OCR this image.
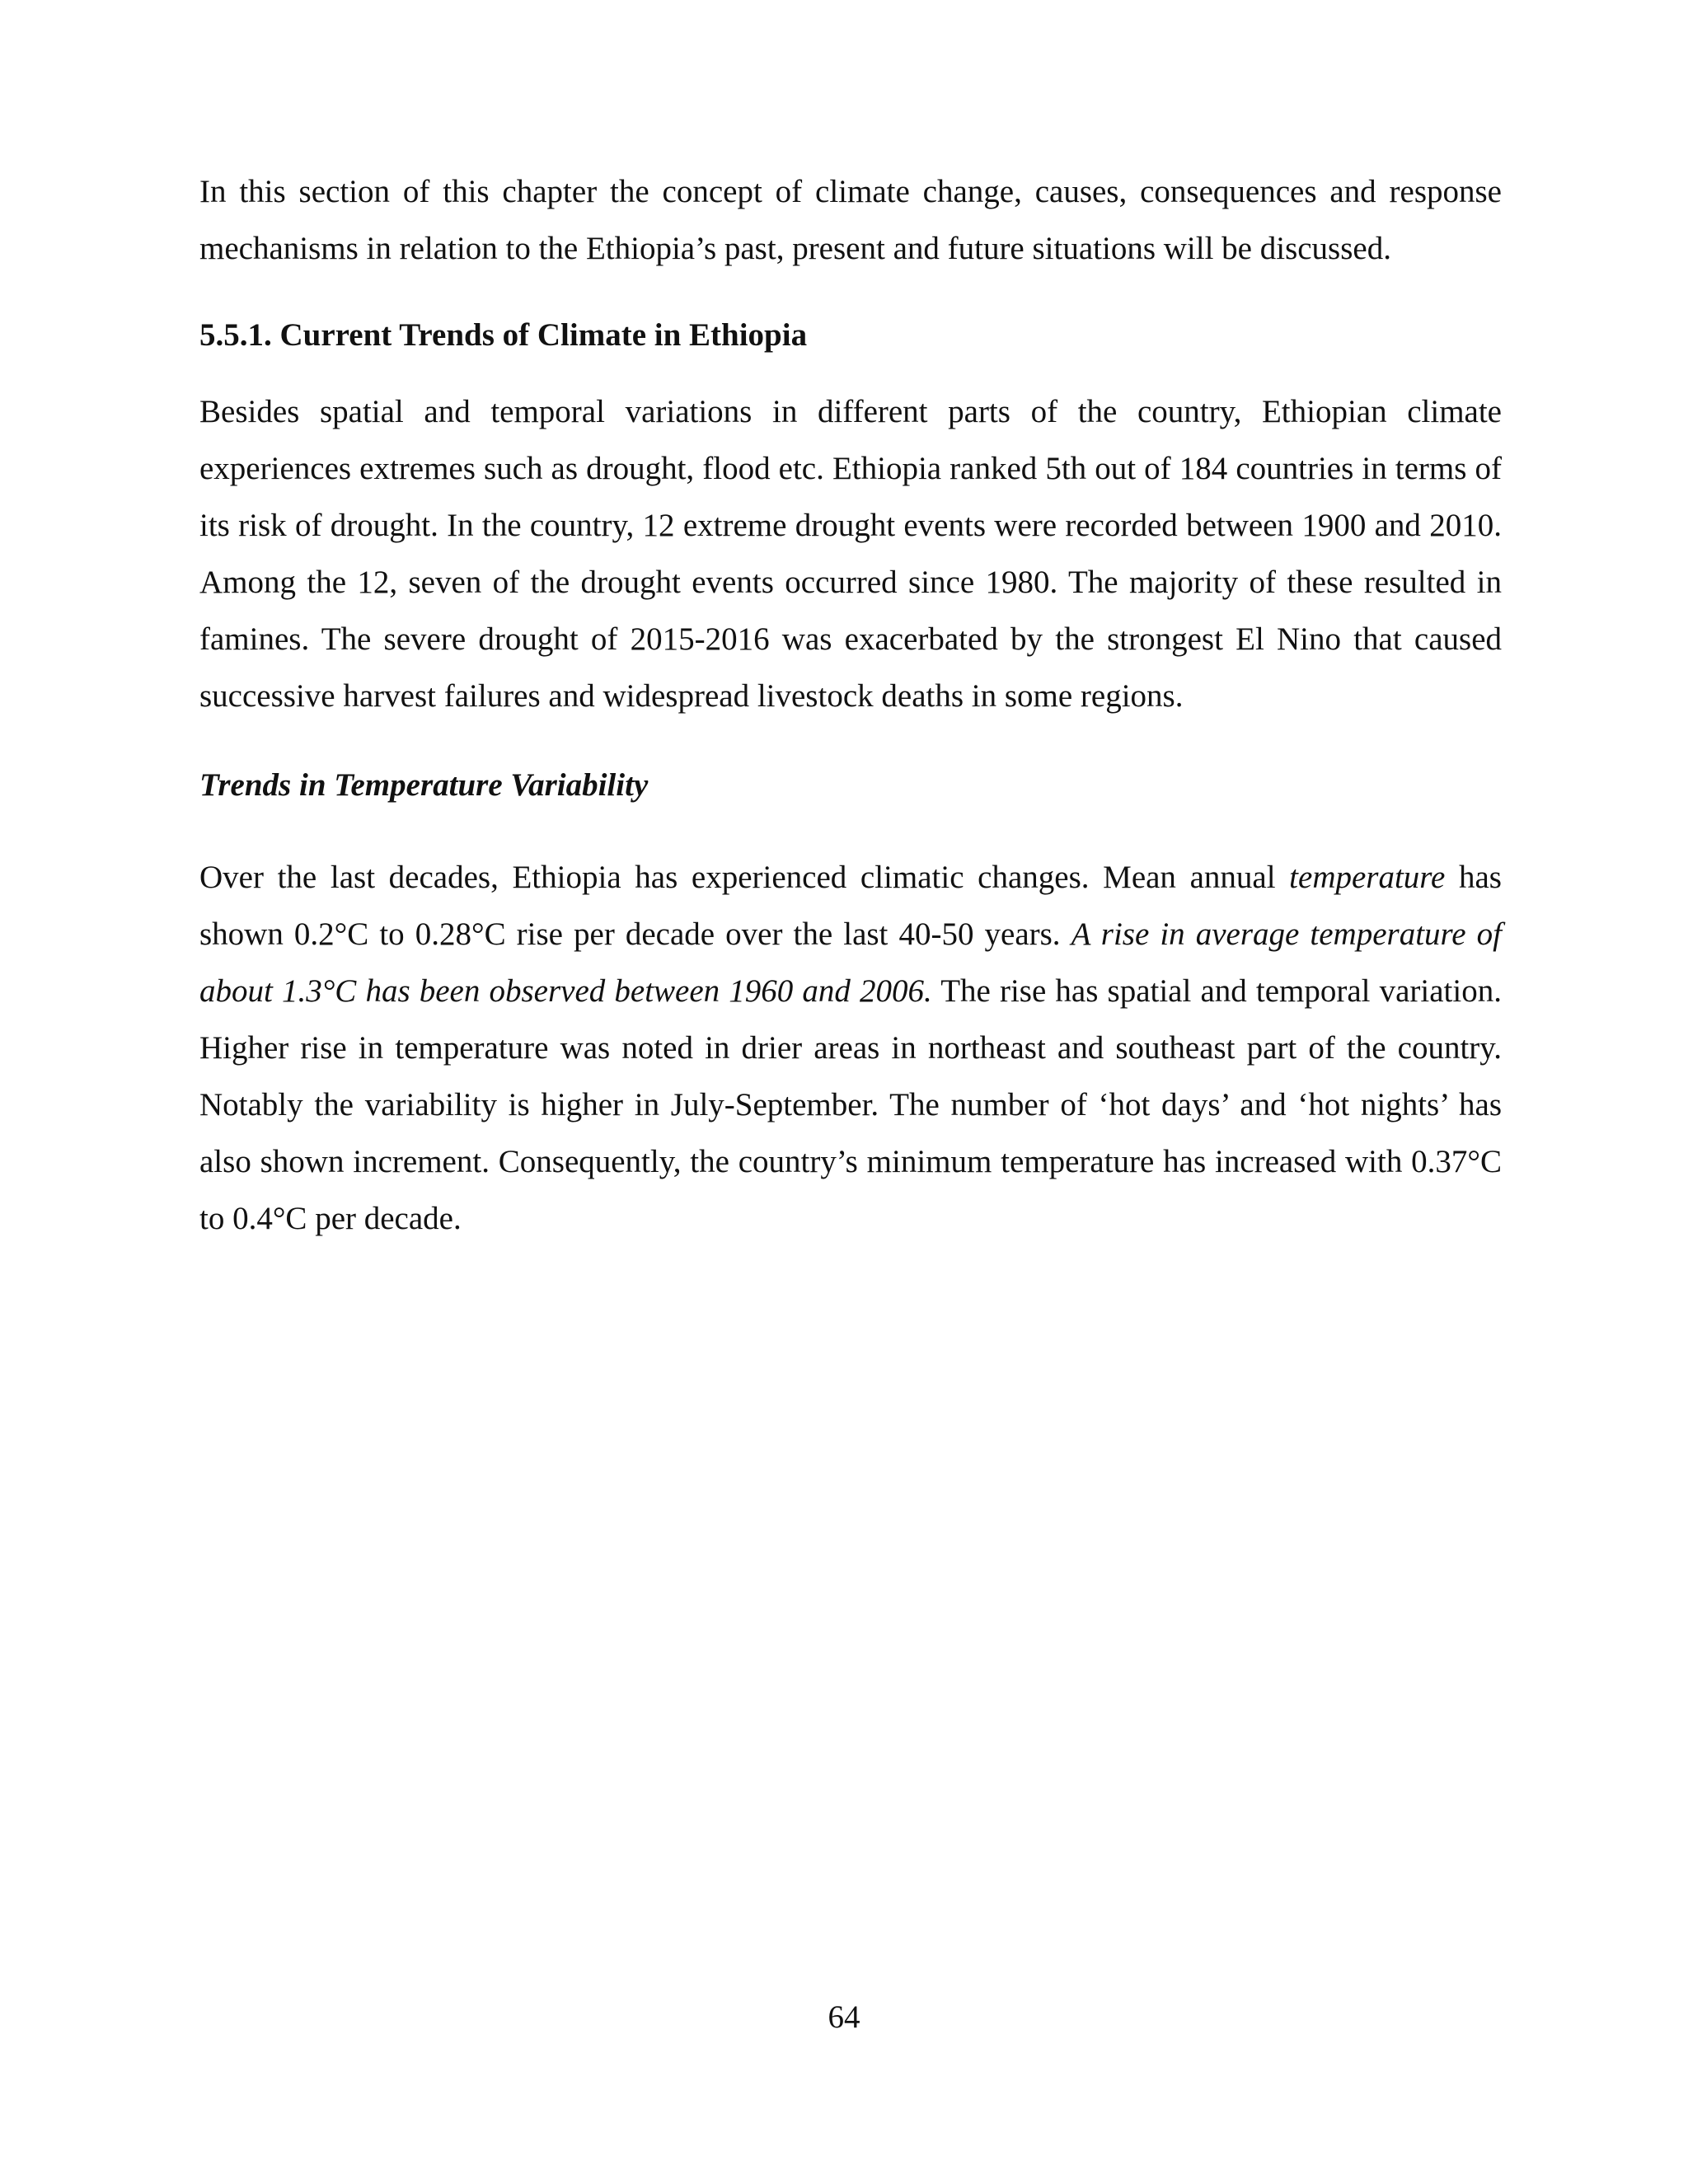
In this section of this chapter the concept of climate change, causes, consequences and response mechanisms in relation to the Ethiopia’s past, present and future situations will be discussed.

5.5.1. Current Trends of Climate in Ethiopia

Besides spatial and temporal variations in different parts of the country, Ethiopian climate experiences extremes such as drought, flood etc. Ethiopia ranked 5th out of 184 countries in terms of its risk of drought. In the country, 12 extreme drought events were recorded between 1900 and 2010. Among the 12, seven of the drought events occurred since 1980. The majority of these resulted in famines. The severe drought of 2015-2016 was exacerbated by the strongest El Nino that caused successive harvest failures and widespread livestock deaths in some regions.

Trends in Temperature Variability

Over the last decades, Ethiopia has experienced climatic changes. Mean annual temperature has shown 0.2°C to 0.28°C rise per decade over the last 40-50 years. A rise in average temperature of about 1.3°C has been observed between 1960 and 2006. The rise has spatial and temporal variation. Higher rise in temperature was noted in drier areas in northeast and southeast part of the country. Notably the variability is higher in July-September. The number of ‘hot days’ and ‘hot nights’ has also shown increment. Consequently, the country’s minimum temperature has increased with 0.37°C to 0.4°C per decade.

64
